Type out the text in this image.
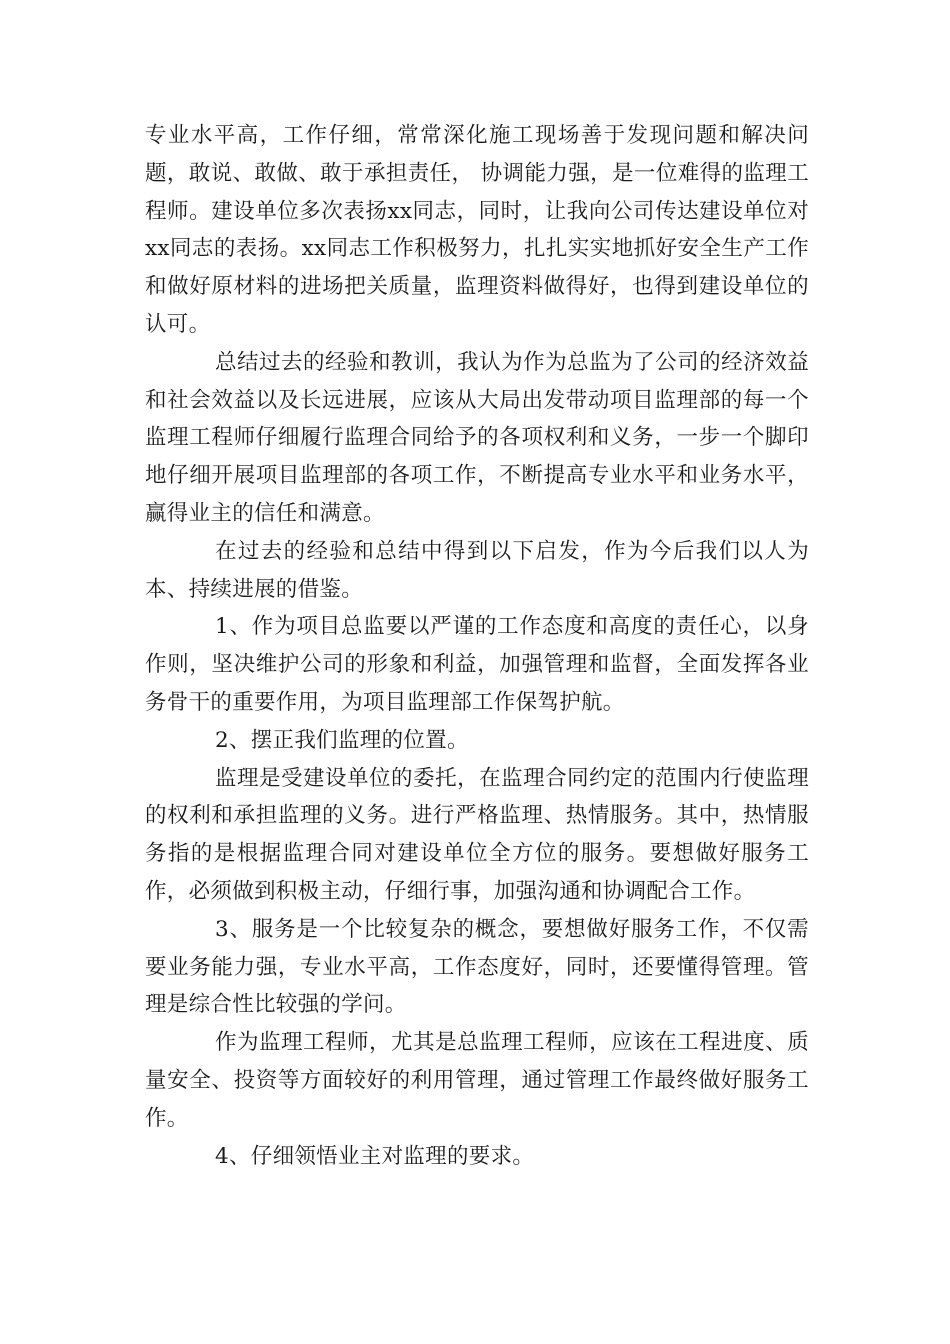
专业水平高，工作仔细，常常深化施工现场善于发现问题和解决问题，敢说、敢做、敢于承担责任， 协调能力强，是一位难得的监理工程师。建设单位多次表扬xx同志，同时，让我向公司传达建设单位对xx同志的表扬。xx同志工作积极努力，扎扎实实地抓好安全生产工作和做好原材料的进场把关质量，监理资料做得好，也得到建设单位的认可。

总结过去的经验和教训，我认为作为总监为了公司的经济效益和社会效益以及长远进展，应该从大局出发带动项目监理部的每一个监理工程师仔细履行监理合同给予的各项权利和义务，一步一个脚印地仔细开展项目监理部的各项工作，不断提高专业水平和业务水平，赢得业主的信任和满意。

在过去的经验和总结中得到以下启发，作为今后我们以人为本、持续进展的借鉴。

1、作为项目总监要以严谨的工作态度和高度的责任心，以身作则，坚决维护公司的形象和利益，加强管理和监督，全面发挥各业务骨干的重要作用，为项目监理部工作保驾护航。

2、摆正我们监理的位置。

监理是受建设单位的委托，在监理合同约定的范围内行使监理的权利和承担监理的义务。进行严格监理、热情服务。其中，热情服务指的是根据监理合同对建设单位全方位的服务。要想做好服务工作，必须做到积极主动，仔细行事，加强沟通和协调配合工作。

3、服务是一个比较复杂的概念，要想做好服务工作，不仅需要业务能力强，专业水平高，工作态度好，同时，还要懂得管理。管理是综合性比较强的学问。

作为监理工程师，尤其是总监理工程师，应该在工程进度、质量安全、投资等方面较好的利用管理，通过管理工作最终做好服务工作。

4、仔细领悟业主对监理的要求。
